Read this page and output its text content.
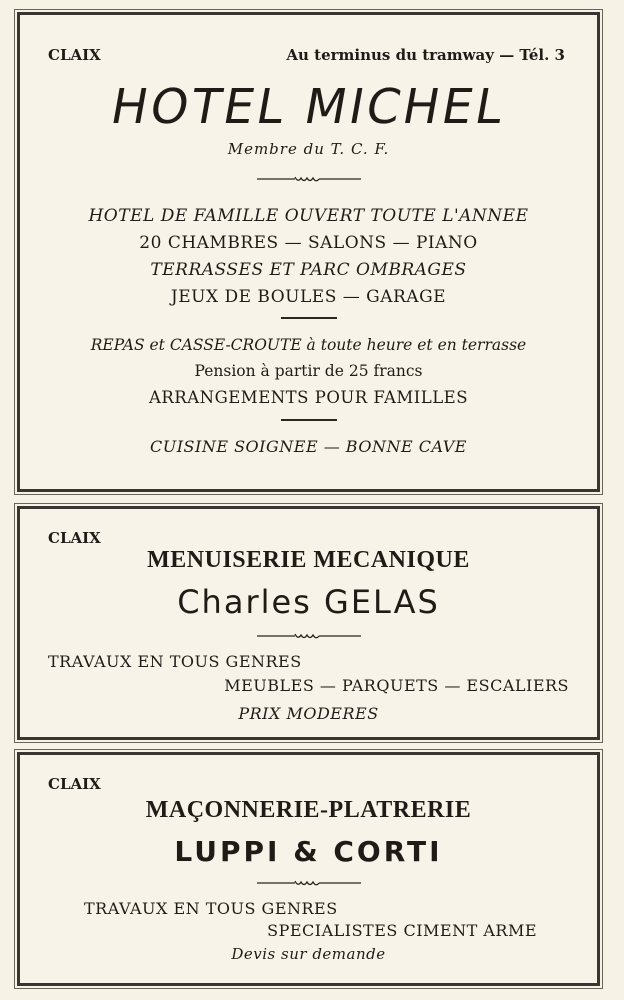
CLAIX	Au terminus du tramway — Tél. 3
HOTEL MICHEL
Membre du T. C. F.
HOTEL DE FAMILLE OUVERT TOUTE L'ANNEE
20 CHAMBRES — SALONS — PIANO
TERRASSES ET PARC OMBRAGES
JEUX DE BOULES — GARAGE
REPAS et CASSE-CROUTE à toute heure et en terrasse
Pension à partir de 25 francs
ARRANGEMENTS POUR FAMILLES
CUISINE SOIGNEE — BONNE CAVE
CLAIX
MENUISERIE MECANIQUE
Charles GELAS
TRAVAUX EN TOUS GENRES
MEUBLES — PARQUETS — ESCALIERS
PRIX MODERES
CLAIX
MAÇONNERIE-PLATRERIE
LUPPI & CORTI
TRAVAUX EN TOUS GENRES
SPECIALISTES CIMENT ARME
Devis sur demande
